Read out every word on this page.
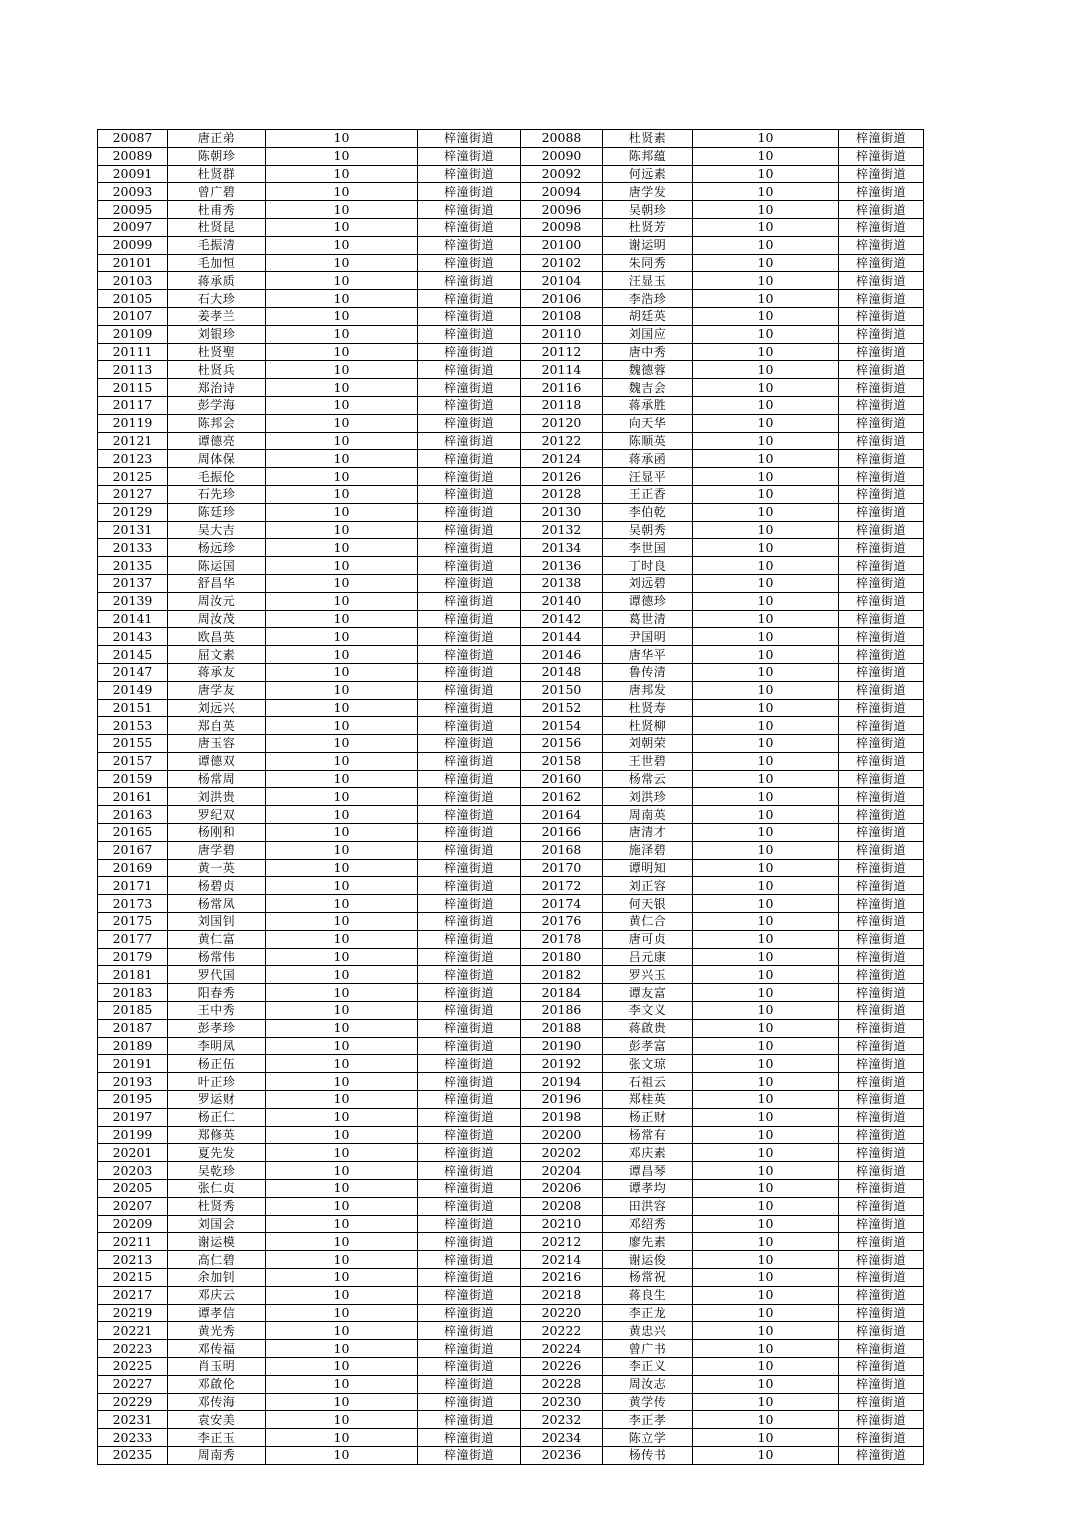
20087	唐正弟	10	梓潼街道	20088	杜贤素	10	梓潼街道
20089	陈朝珍	10	梓潼街道	20090	陈邦蕴	10	梓潼街道
20091	杜贤群	10	梓潼街道	20092	何远素	10	梓潼街道
20093	曾广碧	10	梓潼街道	20094	唐学发	10	梓潼街道
20095	杜甫秀	10	梓潼街道	20096	吴朝珍	10	梓潼街道
20097	杜贤昆	10	梓潼街道	20098	杜贤芳	10	梓潼街道
20099	毛振清	10	梓潼街道	20100	谢运明	10	梓潼街道
20101	毛加恒	10	梓潼街道	20102	朱同秀	10	梓潼街道
20103	蒋承质	10	梓潼街道	20104	汪显玉	10	梓潼街道
20105	石大珍	10	梓潼街道	20106	李浩珍	10	梓潼街道
20107	姜孝兰	10	梓潼街道	20108	胡廷英	10	梓潼街道
20109	刘银珍	10	梓潼街道	20110	刘国应	10	梓潼街道
20111	杜贤聖	10	梓潼街道	20112	唐中秀	10	梓潼街道
20113	杜贤兵	10	梓潼街道	20114	魏德蓉	10	梓潼街道
20115	郑治诗	10	梓潼街道	20116	魏吉会	10	梓潼街道
20117	彭学海	10	梓潼街道	20118	蒋承胜	10	梓潼街道
20119	陈邦会	10	梓潼街道	20120	向天华	10	梓潼街道
20121	谭德亮	10	梓潼街道	20122	陈顺英	10	梓潼街道
20123	周体保	10	梓潼街道	20124	蒋承函	10	梓潼街道
20125	毛振伦	10	梓潼街道	20126	汪显平	10	梓潼街道
20127	石先珍	10	梓潼街道	20128	王正香	10	梓潼街道
20129	陈廷珍	10	梓潼街道	20130	李伯乾	10	梓潼街道
20131	吴大吉	10	梓潼街道	20132	吴朝秀	10	梓潼街道
20133	杨远珍	10	梓潼街道	20134	李世国	10	梓潼街道
20135	陈运国	10	梓潼街道	20136	丁时良	10	梓潼街道
20137	舒昌华	10	梓潼街道	20138	刘远碧	10	梓潼街道
20139	周汝元	10	梓潼街道	20140	谭德珍	10	梓潼街道
20141	周汝茂	10	梓潼街道	20142	葛世清	10	梓潼街道
20143	欧昌英	10	梓潼街道	20144	尹国明	10	梓潼街道
20145	屈文素	10	梓潼街道	20146	唐华平	10	梓潼街道
20147	蒋承友	10	梓潼街道	20148	鲁传清	10	梓潼街道
20149	唐学友	10	梓潼街道	20150	唐邦发	10	梓潼街道
20151	刘远兴	10	梓潼街道	20152	杜贤寿	10	梓潼街道
20153	郑自英	10	梓潼街道	20154	杜贤柳	10	梓潼街道
20155	唐玉容	10	梓潼街道	20156	刘朝荣	10	梓潼街道
20157	谭德双	10	梓潼街道	20158	王世碧	10	梓潼街道
20159	杨常周	10	梓潼街道	20160	杨常云	10	梓潼街道
20161	刘洪贵	10	梓潼街道	20162	刘洪珍	10	梓潼街道
20163	罗纪双	10	梓潼街道	20164	周南英	10	梓潼街道
20165	杨刚和	10	梓潼街道	20166	唐清才	10	梓潼街道
20167	唐学碧	10	梓潼街道	20168	施泽碧	10	梓潼街道
20169	黄一英	10	梓潼街道	20170	谭明知	10	梓潼街道
20171	杨碧贞	10	梓潼街道	20172	刘正容	10	梓潼街道
20173	杨常凤	10	梓潼街道	20174	何天银	10	梓潼街道
20175	刘国钊	10	梓潼街道	20176	黄仁合	10	梓潼街道
20177	黄仁富	10	梓潼街道	20178	唐可贞	10	梓潼街道
20179	杨常伟	10	梓潼街道	20180	吕元康	10	梓潼街道
20181	罗代国	10	梓潼街道	20182	罗兴玉	10	梓潼街道
20183	阳春秀	10	梓潼街道	20184	谭友富	10	梓潼街道
20185	王中秀	10	梓潼街道	20186	李文义	10	梓潼街道
20187	彭孝珍	10	梓潼街道	20188	蒋啟贵	10	梓潼街道
20189	李明凤	10	梓潼街道	20190	彭孝富	10	梓潼街道
20191	杨正伍	10	梓潼街道	20192	张文琼	10	梓潼街道
20193	叶正珍	10	梓潼街道	20194	石祖云	10	梓潼街道
20195	罗运财	10	梓潼街道	20196	郑桂英	10	梓潼街道
20197	杨正仁	10	梓潼街道	20198	杨正财	10	梓潼街道
20199	郑修英	10	梓潼街道	20200	杨常有	10	梓潼街道
20201	夏先发	10	梓潼街道	20202	邓庆素	10	梓潼街道
20203	吴乾珍	10	梓潼街道	20204	谭昌琴	10	梓潼街道
20205	张仁贞	10	梓潼街道	20206	谭孝均	10	梓潼街道
20207	杜贤秀	10	梓潼街道	20208	田洪容	10	梓潼街道
20209	刘国会	10	梓潼街道	20210	邓绍秀	10	梓潼街道
20211	谢运模	10	梓潼街道	20212	廖先素	10	梓潼街道
20213	高仁碧	10	梓潼街道	20214	谢运俊	10	梓潼街道
20215	余加钊	10	梓潼街道	20216	杨常祝	10	梓潼街道
20217	邓庆云	10	梓潼街道	20218	蒋良生	10	梓潼街道
20219	谭孝信	10	梓潼街道	20220	李正龙	10	梓潼街道
20221	黄光秀	10	梓潼街道	20222	黄忠兴	10	梓潼街道
20223	邓传福	10	梓潼街道	20224	曾广书	10	梓潼街道
20225	肖玉明	10	梓潼街道	20226	李正义	10	梓潼街道
20227	邓啟伦	10	梓潼街道	20228	周汝志	10	梓潼街道
20229	邓传海	10	梓潼街道	20230	黄学传	10	梓潼街道
20231	袁安美	10	梓潼街道	20232	李正孝	10	梓潼街道
20233	李正玉	10	梓潼街道	20234	陈立学	10	梓潼街道
20235	周南秀	10	梓潼街道	20236	杨传书	10	梓潼街道
